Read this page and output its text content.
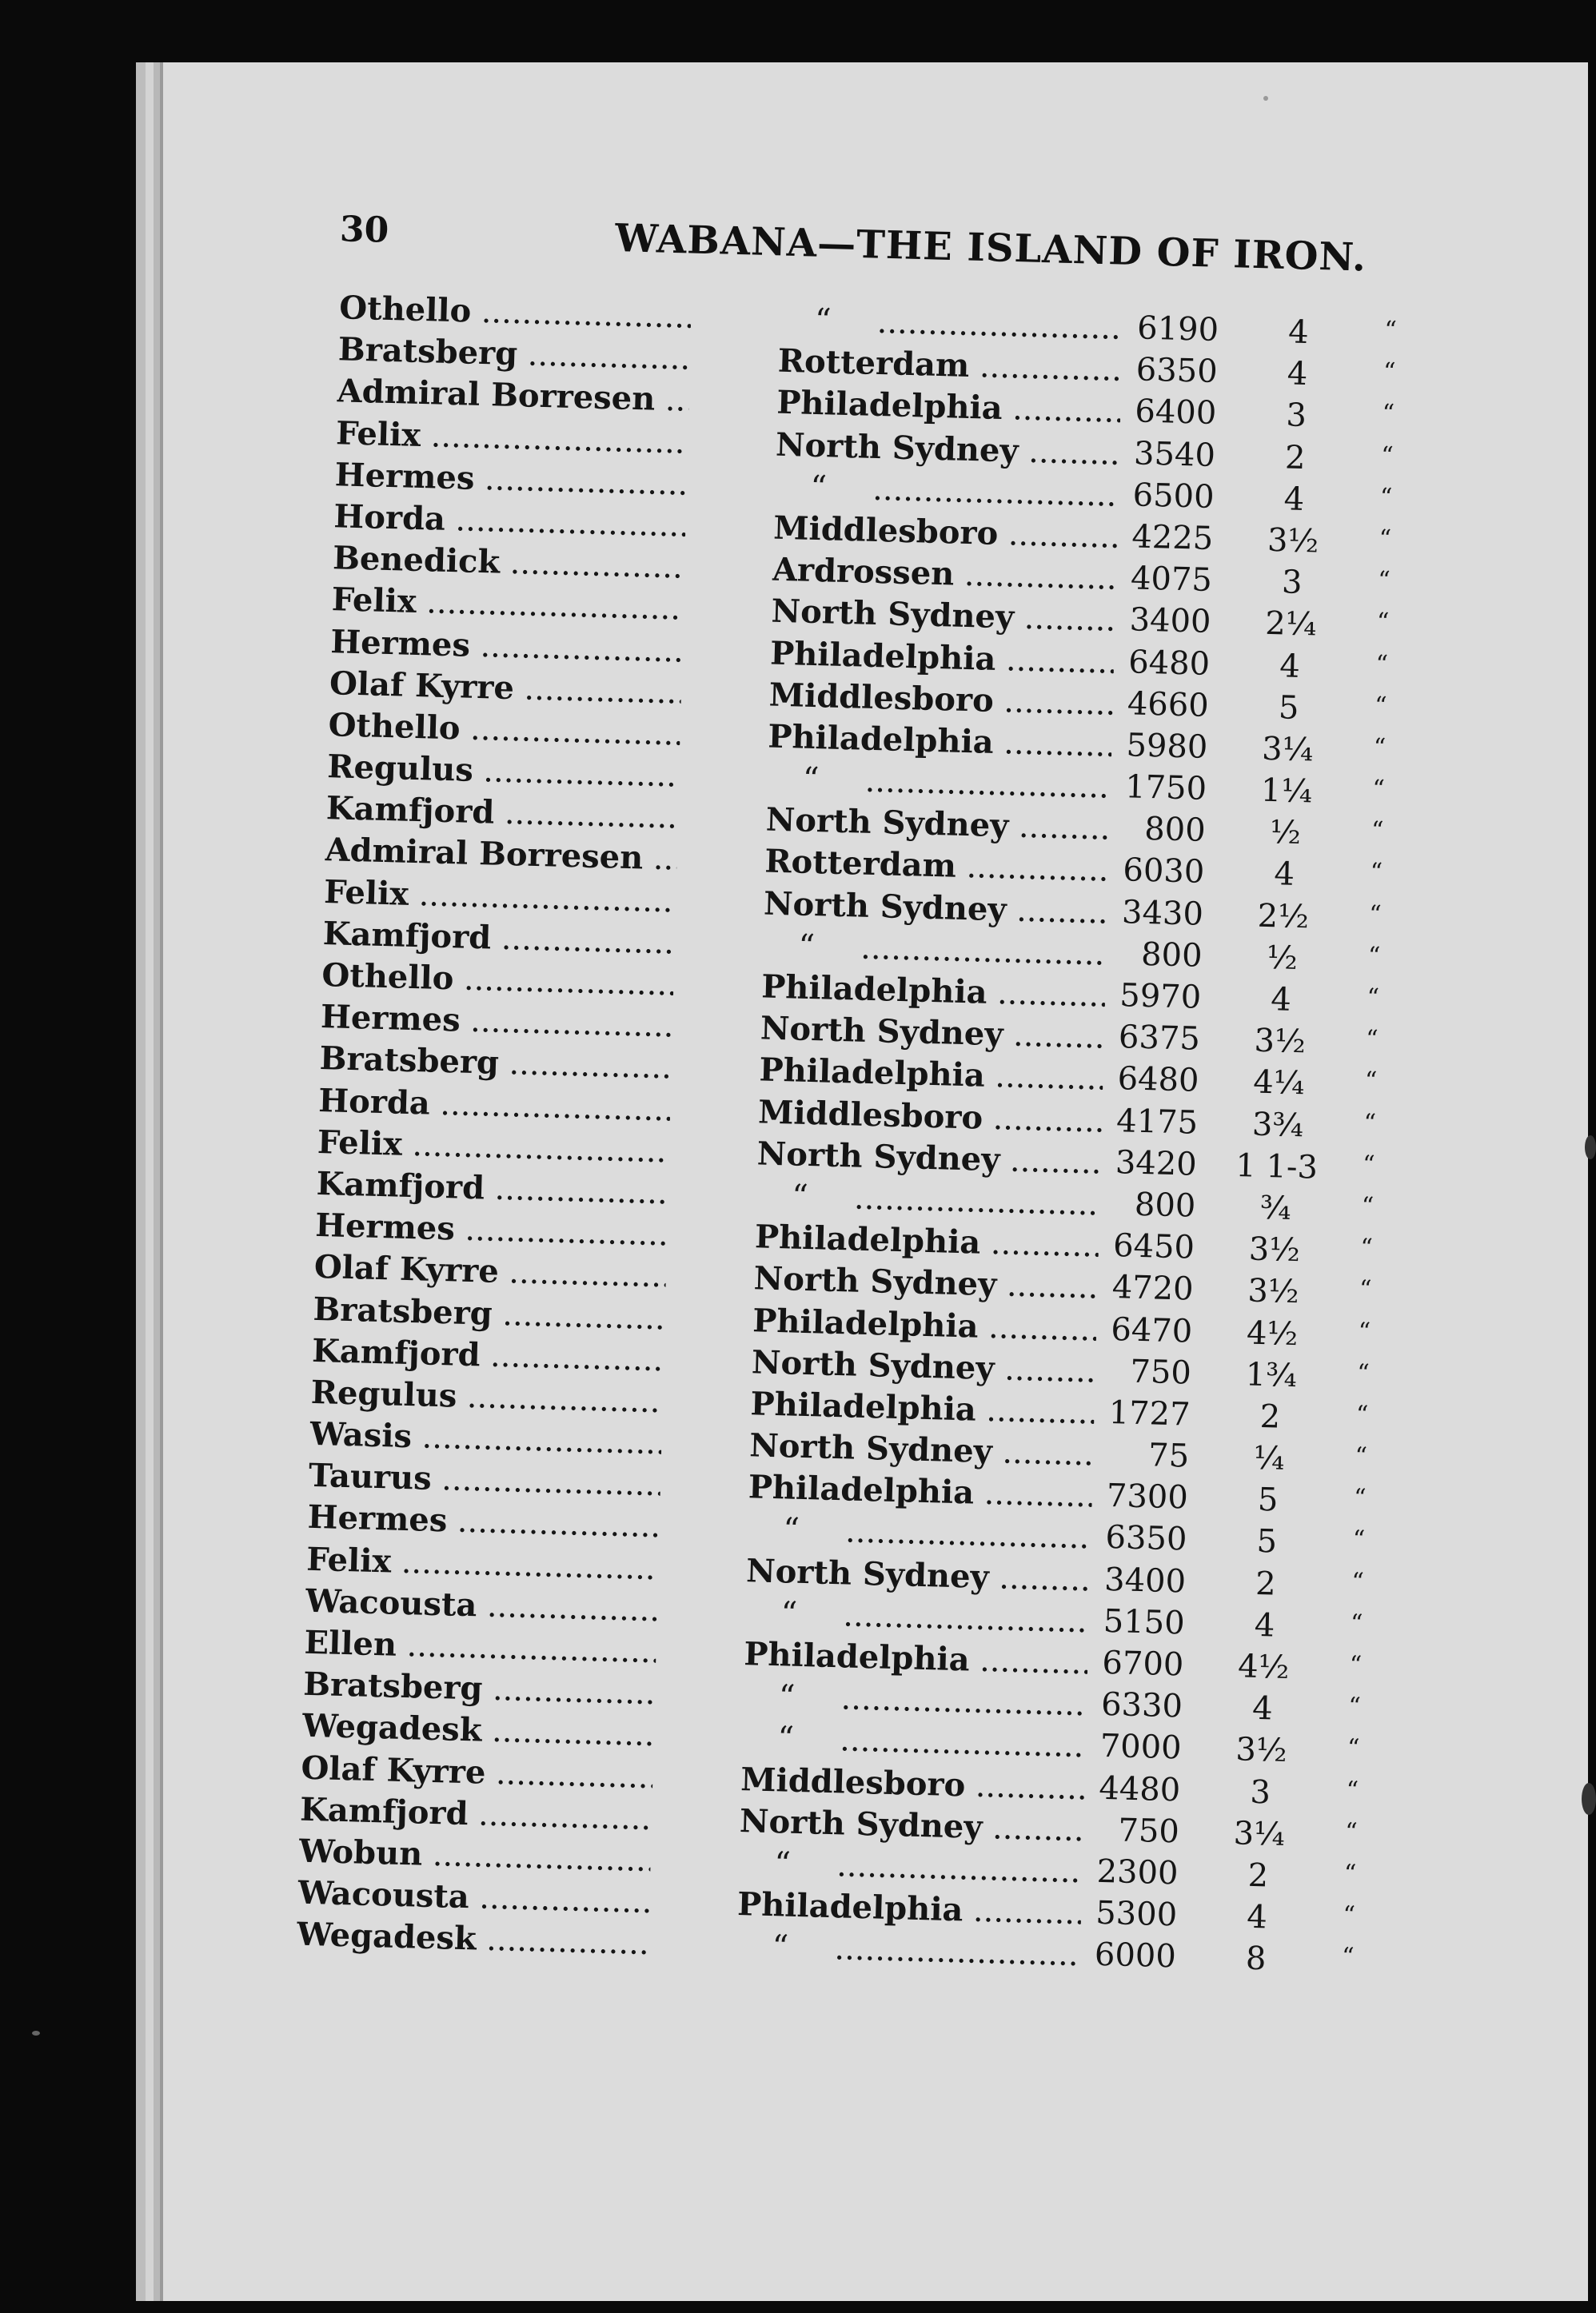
30	WABANA—THE ISLAND OF IRON.
Othello .....	“ .....	6190	4	“
Bratsberg .....	Rotterdam .....	6350	4	“
Admiral Borresen .....	Philadelphia .....	6400	3	“
Felix .....	North Sydney .....	3540	2	“
Hermes .....	“ .....	6500	4	“
Horda .....	Middlesboro .....	4225	3½	“
Benedick .....	Ardrossen .....	4075	3	“
Felix .....	North Sydney .....	3400	2¼	“
Hermes .....	Philadelphia .....	6480	4	“
Olaf Kyrre .....	Middlesboro .....	4660	5	“
Othello .....	Philadelphia .....	5980	3¼	“
Regulus .....	“ .....	1750	1¼	“
Kamfjord .....	North Sydney .....	800	½	“
Admiral Borresen .....	Rotterdam .....	6030	4	“
Felix .....	North Sydney .....	3430	2½	“
Kamfjord .....	“ .....	800	½	“
Othello .....	Philadelphia .....	5970	4	“
Hermes .....	North Sydney .....	6375	3½	“
Bratsberg .....	Philadelphia .....	6480	4¼	“
Horda .....	Middlesboro .....	4175	3¾	“
Felix .....	North Sydney .....	3420 1 1-3	“
Kamfjord .....	“ .....	800	¾	“
Hermes .....	Philadelphia .....	6450	3½	“
Olaf Kyrre .....	North Sydney .....	4720	3½	“
Bratsberg .....	Philadelphia .....	6470	4½	“
Kamfjord .....	North Sydney .....	750	1¾	“
Regulus .....	Philadelphia .....	1727	2	“
Wasis .....	North Sydney .....	75	¼	“
Taurus .....	Philadelphia .....	7300	5	“
Hermes .....	“ .....	6350	5	“
Felix .....	North Sydney .....	3400	2	“
Wacousta .....	“ .....	5150	4	“
Ellen .....	Philadelphia .....	6700	4½	“
Bratsberg .....	“ .....	6330	4	“
Wegadesk .....	“ .....	7000	3½	“
Olaf Kyrre .....	Middlesboro .....	4480	3	“
Kamfjord .....	North Sydney .....	750	3¼	“
Wobun .....	“ .....	2300	2	“
Wacousta .....	Philadelphia .....	5300	4	“
Wegadesk .....	“ .....	6000	8	“
